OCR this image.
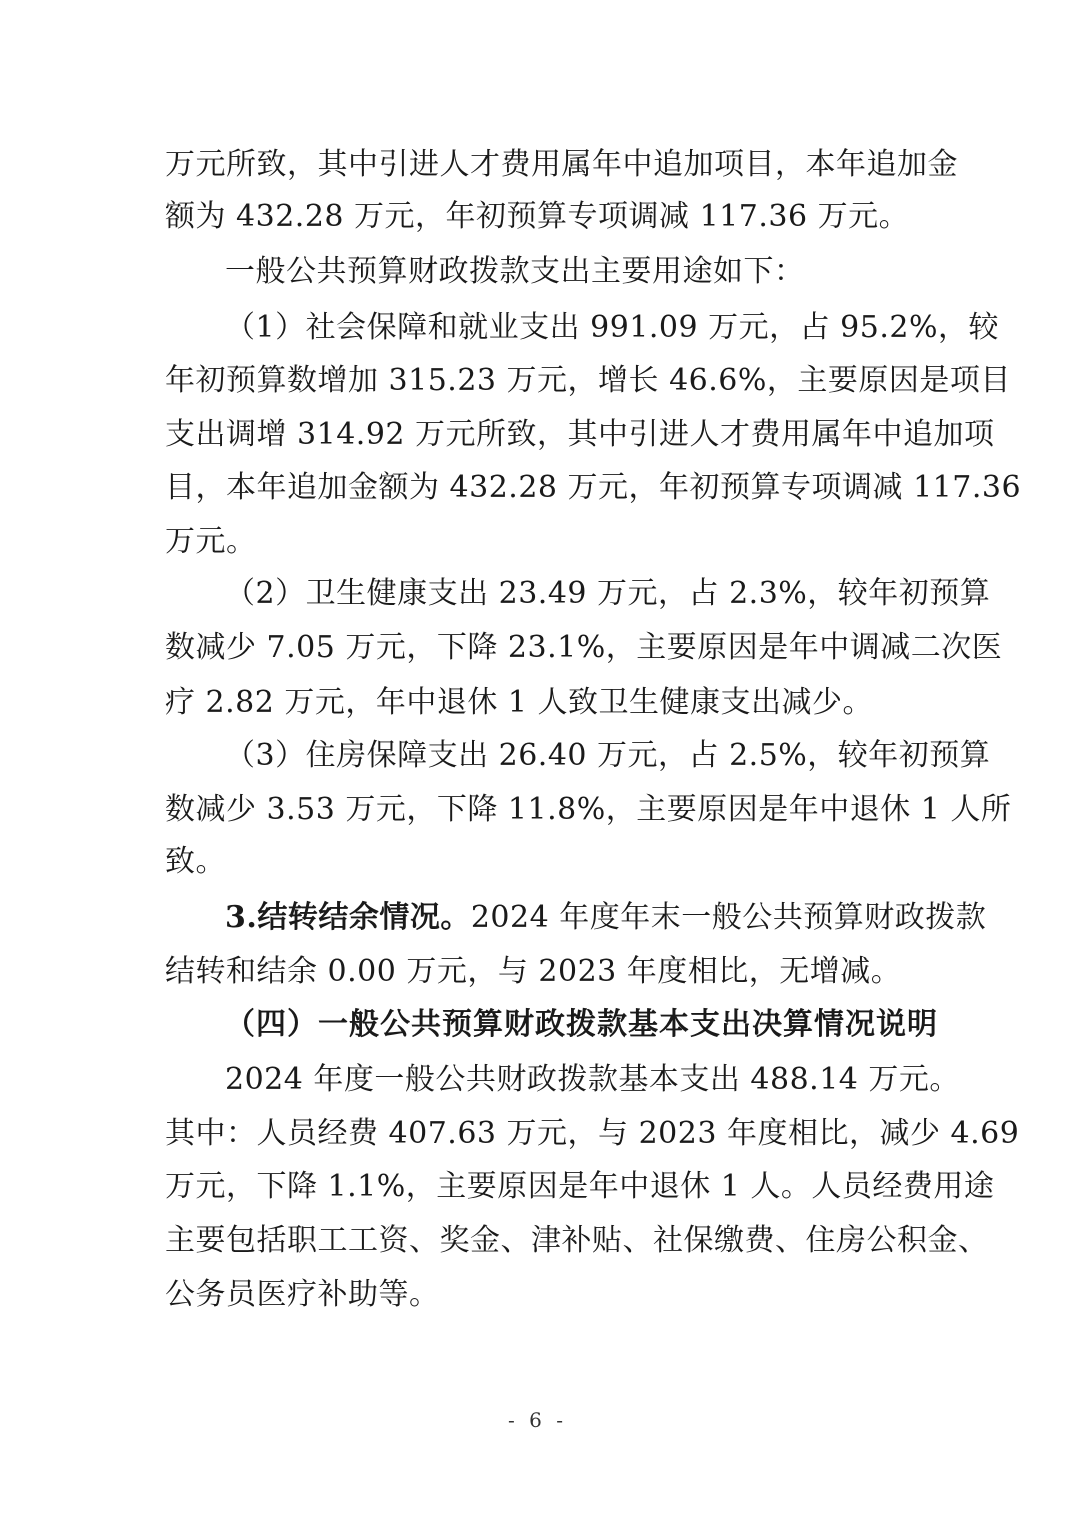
万元所致，其中引进人才费用属年中追加项目，本年追加金
额为 432.28 万元，年初预算专项调减 117.36 万元。
一般公共预算财政拨款支出主要用途如下：
（1）社会保障和就业支出 991.09 万元，占 95.2%，较
年初预算数增加 315.23 万元，增长 46.6%，主要原因是项目
支出调增 314.92 万元所致，其中引进人才费用属年中追加项
目，本年追加金额为 432.28 万元，年初预算专项调减 117.36
万元。
（2）卫生健康支出 23.49 万元，占 2.3%，较年初预算
数减少 7.05 万元，下降 23.1%，主要原因是年中调减二次医
疗 2.82 万元，年中退休 1 人致卫生健康支出减少。
（3）住房保障支出 26.40 万元，占 2.5%，较年初预算
数减少 3.53 万元，下降 11.8%，主要原因是年中退休 1 人所
致。
3.结转结余情况。2024 年度年末一般公共预算财政拨款
结转和结余 0.00 万元，与 2023 年度相比，无增减。
（四）一般公共预算财政拨款基本支出决算情况说明
2024 年度一般公共财政拨款基本支出 488.14 万元。
其中：人员经费 407.63 万元，与 2023 年度相比，减少 4.69
万元，下降 1.1%，主要原因是年中退休 1 人。人员经费用途
主要包括职工工资、奖金、津补贴、社保缴费、住房公积金、
公务员医疗补助等。
- 6 -
